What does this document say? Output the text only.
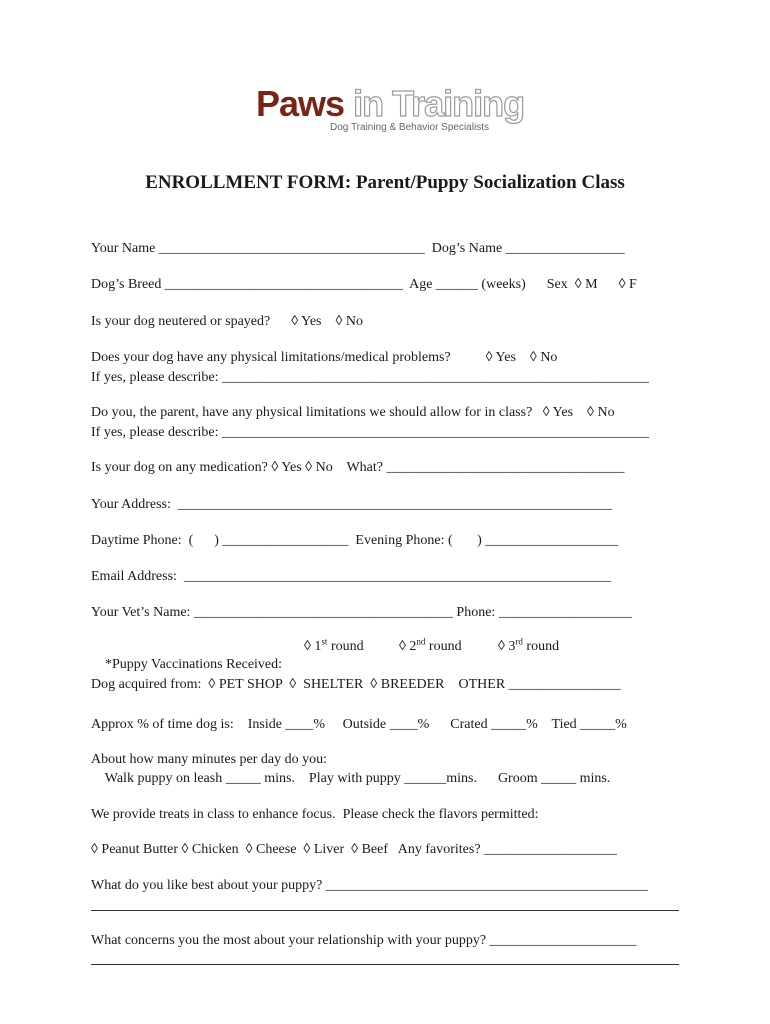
Paws in Training
Dog Training & Behavior Specialists
ENROLLMENT FORM: Parent/Puppy Socialization Class
Your Name ______________________________________  Dog’s Name _________________
Dog’s Breed __________________________________  Age ______ (weeks)      Sex  ◊ M      ◊ F
Is your dog neutered or spayed?      ◊ Yes    ◊ No
Does your dog have any physical limitations/medical problems?          ◊ Yes    ◊ No
If yes, please describe: _____________________________________________________________
Do you, the parent, have any physical limitations we should allow for in class?   ◊ Yes    ◊ No
If yes, please describe: _____________________________________________________________
Is your dog on any medication? ◊ Yes ◊ No    What? __________________________________
Your Address:  ______________________________________________________________
Daytime Phone:  (      ) __________________  Evening Phone: (       ) ___________________
Email Address:  _____________________________________________________________
Your Vet’s Name: _____________________________________ Phone: ___________________

*Puppy Vaccinations Received:

◊ 1st round

	◊ 2nd round

	◊ 3rd round

Dog acquired from:  ◊ PET SHOP  ◊  SHELTER  ◊ BREEDER    OTHER ________________
Approx % of time dog is:    Inside ____%     Outside ____%      Crated _____%    Tied _____%
About how many minutes per day do you:
Walk puppy on leash _____ mins.    Play with puppy ______mins.      Groom _____ mins.
We provide treats in class to enhance focus.  Please check the flavors permitted:
◊ Peanut Butter ◊ Chicken  ◊ Cheese  ◊ Liver  ◊ Beef   Any favorites? ___________________
What do you like best about your puppy? ______________________________________________
What concerns you the most about your relationship with your puppy? _____________________
